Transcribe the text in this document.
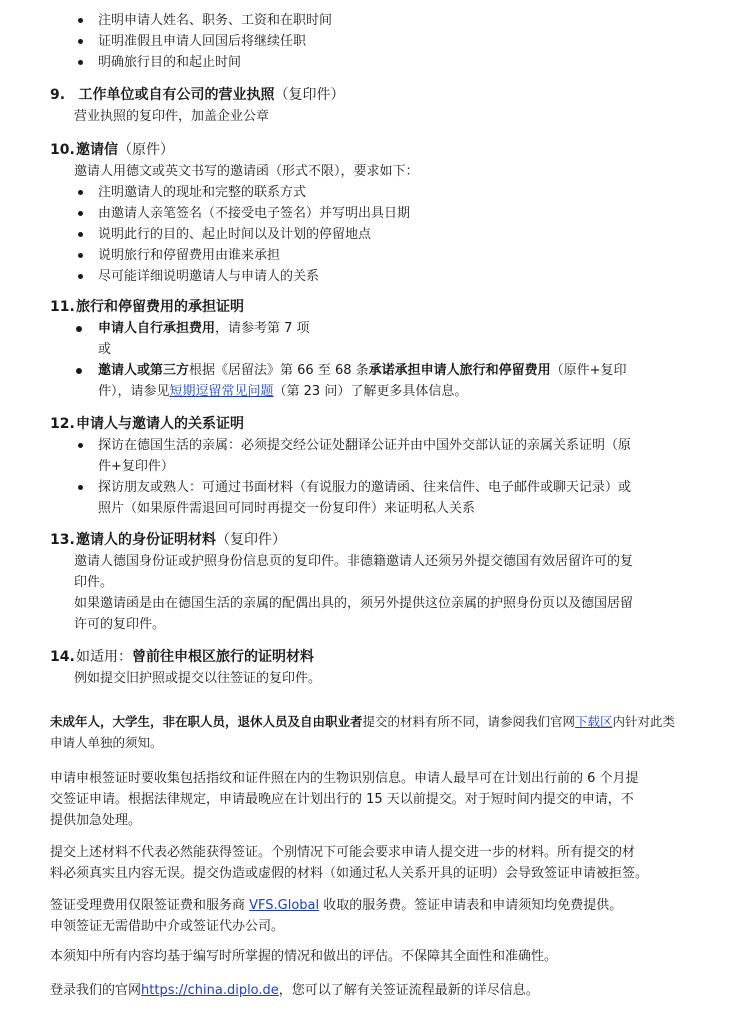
注明申请人姓名、职务、工资和在职时间
证明准假且申请人回国后将继续任职
明确旅行目的和起止时间
9. 工作单位或自有公司的营业执照（复印件）
营业执照的复印件，加盖企业公章
10.邀请信（原件）
邀请人用德文或英文书写的邀请函（形式不限），要求如下：
注明邀请人的现址和完整的联系方式
由邀请人亲笔签名（不接受电子签名）并写明出具日期
说明此行的目的、起止时间以及计划的停留地点
说明旅行和停留费用由谁来承担
尽可能详细说明邀请人与申请人的关系
11.旅行和停留费用的承担证明
申请人自行承担费用，请参考第 7 项
或
邀请人或第三方根据《居留法》第 66 至 68 条承诺承担申请人旅行和停留费用（原件+复印
件），请参见短期逗留常见问题（第 23 问）了解更多具体信息。
12.申请人与邀请人的关系证明
探访在德国生活的亲属：必须提交经公证处翻译公证并由中国外交部认证的亲属关系证明（原
件+复印件）
探访朋友或熟人：可通过书面材料（有说服力的邀请函、往来信件、电子邮件或聊天记录）或
照片（如果原件需退回可同时再提交一份复印件）来证明私人关系
13.邀请人的身份证明材料（复印件）
邀请人德国身份证或护照身份信息页的复印件。非德籍邀请人还须另外提交德国有效居留许可的复
印件。
如果邀请函是由在德国生活的亲属的配偶出具的，须另外提供这位亲属的护照身份页以及德国居留
许可的复印件。
14.如适用：曾前往申根区旅行的证明材料
例如提交旧护照或提交以往签证的复印件。
未成年人，大学生，非在职人员，退休人员及自由职业者提交的材料有所不同，请参阅我们官网下载区内针对此类
申请人单独的须知。
申请申根签证时要收集包括指纹和证件照在内的生物识别信息。申请人最早可在计划出行前的 6 个月提
交签证申请。根据法律规定，申请最晚应在计划出行的 15 天以前提交。对于短时间内提交的申请，不
提供加急处理。
提交上述材料不代表必然能获得签证。个别情况下可能会要求申请人提交进一步的材料。所有提交的材
料必须真实且内容无误。提交伪造或虚假的材料（如通过私人关系开具的证明）会导致签证申请被拒签。
签证受理费用仅限签证费和服务商 VFS.Global 收取的服务费。签证申请表和申请须知均免费提供。
申领签证无需借助中介或签证代办公司。
本须知中所有内容均基于编写时所掌握的情况和做出的评估。不保障其全面性和准确性。
登录我们的官网https://china.diplo.de，您可以了解有关签证流程最新的详尽信息。
